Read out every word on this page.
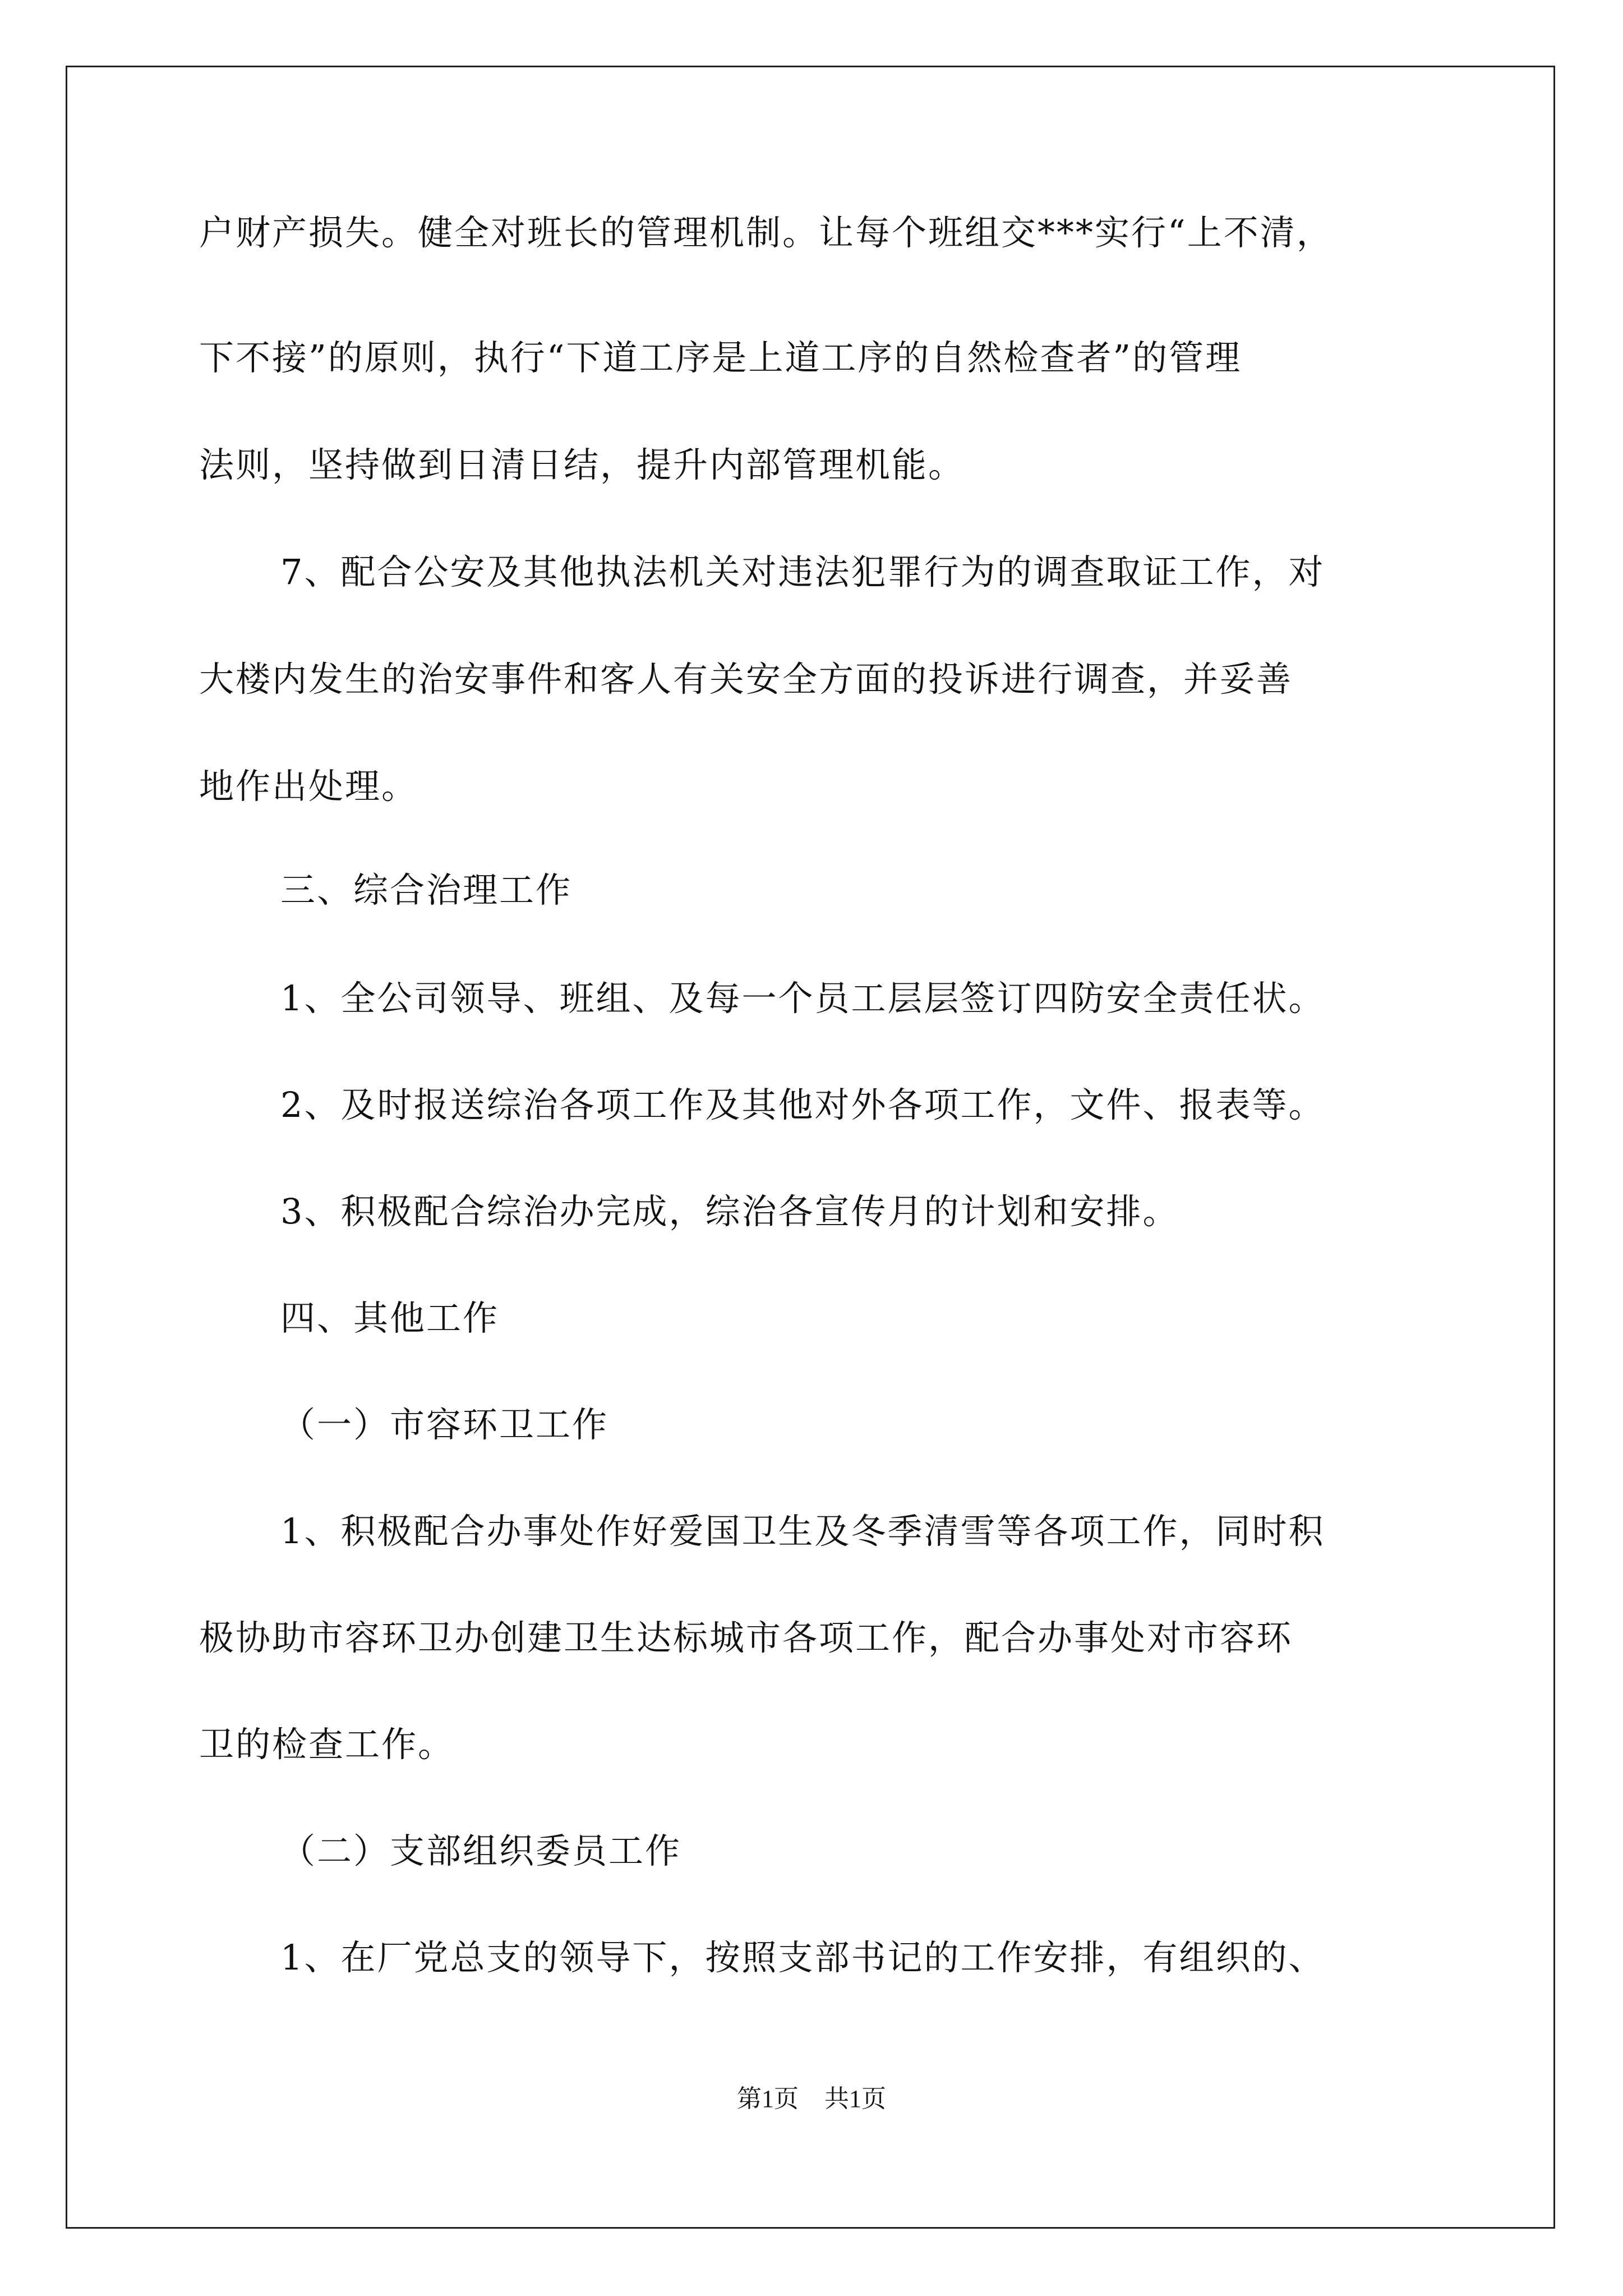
户财产损失。健全对班长的管理机制。让每个班组交***实行“上不清，
下不接”的原则，执行“下道工序是上道工序的自然检查者”的管理
法则，坚持做到日清日结，提升内部管理机能。
7、配合公安及其他执法机关对违法犯罪行为的调查取证工作，对
大楼内发生的治安事件和客人有关安全方面的投诉进行调查，并妥善
地作出处理。
三、综合治理工作
1、全公司领导、班组、及每一个员工层层签订四防安全责任状。
2、及时报送综治各项工作及其他对外各项工作，文件、报表等。
3、积极配合综治办完成，综治各宣传月的计划和安排。
四、其他工作
（一）市容环卫工作
1、积极配合办事处作好爱国卫生及冬季清雪等各项工作，同时积
极协助市容环卫办创建卫生达标城市各项工作，配合办事处对市容环
卫的检查工作。
（二）支部组织委员工作
1、在厂党总支的领导下，按照支部书记的工作安排，有组织的、
第1页 共1页
